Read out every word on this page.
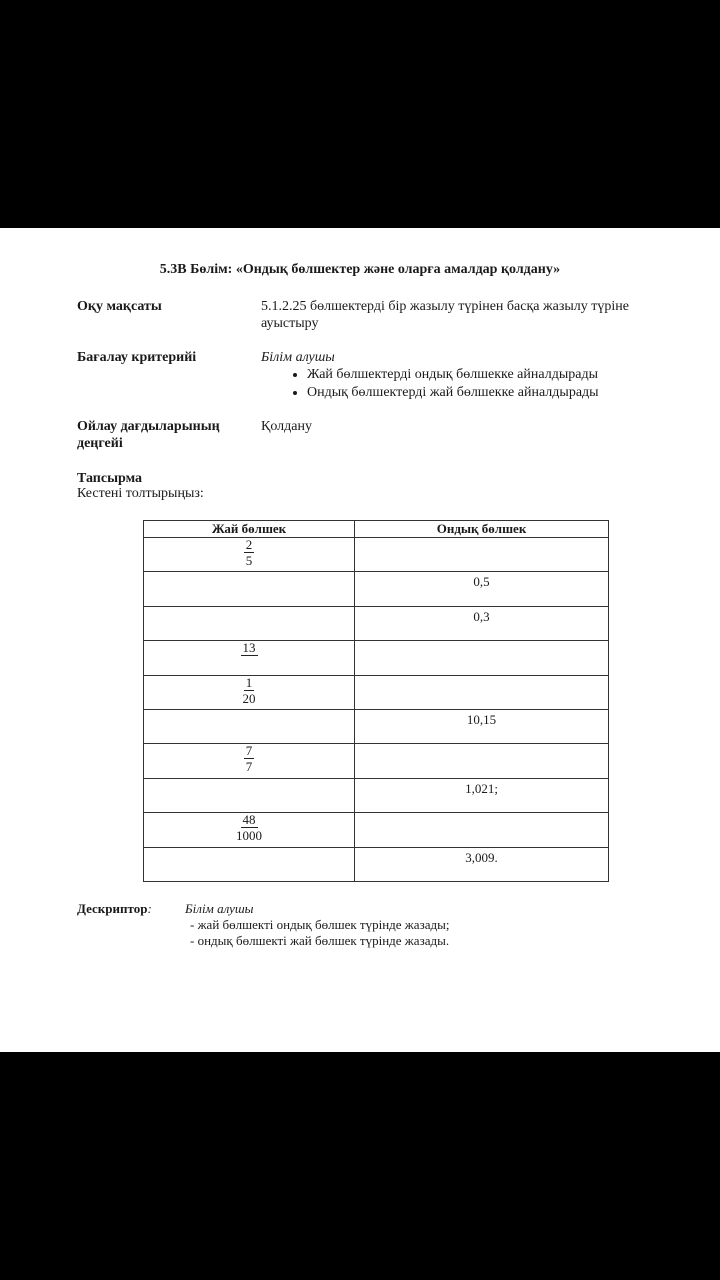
5.3В Бөлім: «Ондық бөлшектер және оларға амалдар қолдану»
Оқу мақсаты	5.1.2.25 бөлшектерді бір жазылу түрінен басқа жазылу түріне ауыстыру
Бағалау критерийі	Білім алушы
• Жай бөлшектерді ондық бөлшекке айналдырады
• Ондық бөлшектерді жай бөлшекке айналдырады
Ойлау дағдыларының деңгейі
Қолдану
Тапсырма
Кестені толтырыңыз:
Жай бөлшек	Ондық бөлшек

$\frac{2}{5}$

	0,5
	0,3

13	

$\frac{1}{20}$

	10,15

$\frac{7}{7}$

	1,021;

$\frac{48}{1000}$

	3,009.
Дескриптор:	Білім алушы
- жай бөлшекті ондық бөлшек түрінде жазады;
- ондық бөлшекті жай бөлшек түрінде жазады.
